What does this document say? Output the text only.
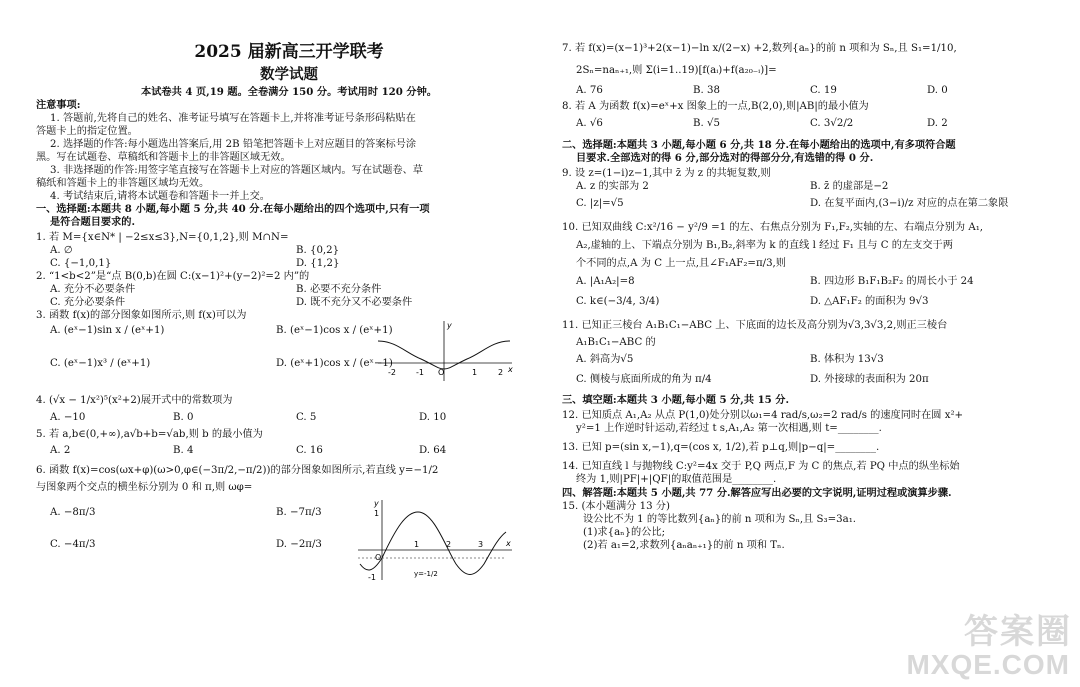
2025 届新高三开学联考
数学试题
本试卷共 4 页,19 题。全卷满分 150 分。考试用时 120 分钟。
注意事项:
1. 答题前,先将自己的姓名、准考证号填写在答题卡上,并将准考证号条形码粘贴在
答题卡上的指定位置。
2. 选择题的作答:每小题选出答案后,用 2B 铅笔把答题卡上对应题目的答案标号涂
黑。写在试题卷、草稿纸和答题卡上的非答题区域无效。
3. 非选择题的作答:用签字笔直接写在答题卡上对应的答题区域内。写在试题卷、草
稿纸和答题卡上的非答题区域均无效。
4. 考试结束后,请将本试题卷和答题卡一并上交。
一、选择题:本题共 8 小题,每小题 5 分,共 40 分.在每小题给出的四个选项中,只有一项
是符合题目要求的.
1. 若 M={x∈N* | −2≤x≤3},N={0,1,2},则 M∩N=
A. ∅	B. {0,2}
C. {−1,0,1}	D. {1,2}
2. “1<b<2”是“点 B(0,b)在圆 C:(x−1)²+(y−2)²=2 内”的
A. 充分不必要条件	B. 必要不充分条件
C. 充分必要条件	D. 既不充分又不必要条件
3. 函数 f(x)的部分图象如图所示,则 f(x)可以为
A. (eˣ−1)sin x / (eˣ+1)	B. (eˣ−1)cos x / (eˣ+1)
C. (eˣ−1)x³ / (eˣ+1)	D. (eˣ+1)cos x / (eˣ−1)
-2	-1 O	1	2 x
y
4. (√x − 1/x²)⁵(x²+2)展开式中的常数项为
A. −10	B. 0	C. 5	D. 10
5. 若 a,b∈(0,+∞),a√b+b=√ab,则 b 的最小值为
A. 2	B. 4	C. 16	D. 64
6. 函数 f(x)=cos(ωx+φ)(ω>0,φ∈(−3π/2,−π/2))的部分图象如图所示,若直线 y=−1/2
与图象两个交点的横坐标分别为 0 和 π,则 ωφ=
A. −8π/3	B. −7π/3
C. −4π/3	D. −2π/3
y
1
O
1	2	3	x
-1	y=-1/2
7. 若 f(x)=(x−1)³+2(x−1)−ln x/(2−x) +2,数列{aₙ}的前 n 项和为 Sₙ,且 S₁=1/10,
2Sₙ=naₙ₊₁,则 Σ(i=1..19)[f(aᵢ)+f(a₂₀₋ᵢ)]=
A. 76	B. 38	C. 19	D. 0
8. 若 A 为函数 f(x)=eˣ+x 图象上的一点,B(2,0),则|AB|的最小值为
A. √6	B. √5	C. 3√2/2	D. 2
二、选择题:本题共 3 小题,每小题 6 分,共 18 分.在每小题给出的选项中,有多项符合题
目要求.全部选对的得 6 分,部分选对的得部分分,有选错的得 0 分.
9. 设 z=(1−i)z−1,其中 z̄ 为 z 的共轭复数,则
A. z 的实部为 2	B. z̄ 的虚部是−2
C. |z|=√5	D. 在复平面内,(3−i)/z 对应的点在第二象限
10. 已知双曲线 C:x²/16 − y²/9 =1 的左、右焦点分别为 F₁,F₂,实轴的左、右端点分别为 A₁,
A₂,虚轴的上、下端点分别为 B₁,B₂,斜率为 k 的直线 l 经过 F₁ 且与 C 的左支交于两
个不同的点,A 为 C 上一点,且∠F₁AF₂=π/3,则
A. |A₁A₂|=8	B. 四边形 B₁F₁B₂F₂ 的周长小于 24
C. k∈(−3/4, 3/4)	D. △AF₁F₂ 的面积为 9√3
11. 已知正三棱台 A₁B₁C₁−ABC 上、下底面的边长及高分别为√3,3√3,2,则正三棱台
A₁B₁C₁−ABC 的
A. 斜高为√5	B. 体积为 13√3
C. 侧棱与底面所成的角为 π/4	D. 外接球的表面积为 20π
三、填空题:本题共 3 小题,每小题 5 分,共 15 分.
12. 已知质点 A₁,A₂ 从点 P(1,0)处分别以ω₁=4 rad/s,ω₂=2 rad/s 的速度同时在圆 x²+
y²=1 上作逆时针运动,若经过 t s,A₁,A₂ 第一次相遇,则 t=________.
13. 已知 p=(sin x,−1),q=(cos x, 1/2),若 p⊥q,则|p−q|=________.
14. 已知直线 l 与抛物线 C:y²=4x 交于 P,Q 两点,F 为 C 的焦点,若 PQ 中点的纵坐标始
终为 1,则|PF|+|QF|的取值范围是________.
四、解答题:本题共 5 小题,共 77 分.解答应写出必要的文字说明,证明过程或演算步骤.
15. (本小题满分 13 分)
设公比不为 1 的等比数列{aₙ}的前 n 项和为 Sₙ,且 S₃=3a₁.
(1)求{aₙ}的公比;
(2)若 a₁=2,求数列{aₙaₙ₊₁}的前 n 项和 Tₙ.
答案圈
MXQE.COM
